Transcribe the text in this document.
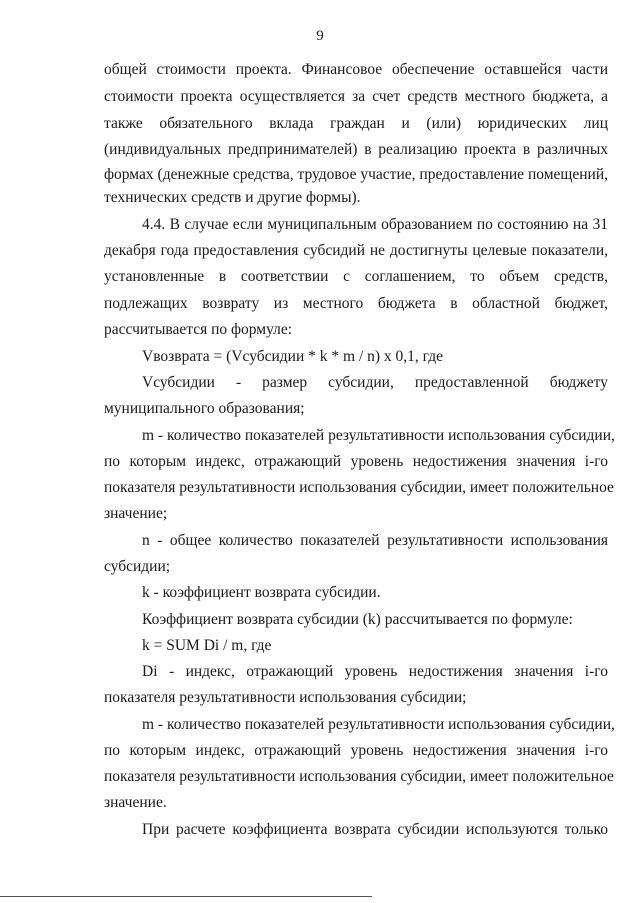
9
общей стоимости проекта. Финансовое обеспечение оставшейся части
стоимости проекта осуществляется за счет средств местного бюджета, а
также обязательного вклада граждан и (или) юридических лиц
(индивидуальных предпринимателей) в реализацию проекта в различных
формах (денежные средства, трудовое участие, предоставление помещений,
технических средств и другие формы).
4.4. В случае если муниципальным образованием по состоянию на 31
декабря года предоставления субсидий не достигнуты целевые показатели,
установленные в соответствии с соглашением, то объем средств,
подлежащих возврату из местного бюджета в областной бюджет,
рассчитывается по формуле:
Vвозврата = (Vсубсидии * k * m / n) x 0,1, где
Vсубсидии - размер субсидии, предоставленной бюджету
муниципального образования;
m - количество показателей результативности использования субсидии,
по которым индекс, отражающий уровень недостижения значения i-го
показателя результативности использования субсидии, имеет положительное
значение;
n - общее количество показателей результативности использования
субсидии;
k - коэффициент возврата субсидии.
Коэффициент возврата субсидии (k) рассчитывается по формуле:
k = SUM Di / m, где
Di - индекс, отражающий уровень недостижения значения i-го
показателя результативности использования субсидии;
m - количество показателей результативности использования субсидии,
по которым индекс, отражающий уровень недостижения значения i-го
показателя результативности использования субсидии, имеет положительное
значение.
При расчете коэффициента возврата субсидии используются только
